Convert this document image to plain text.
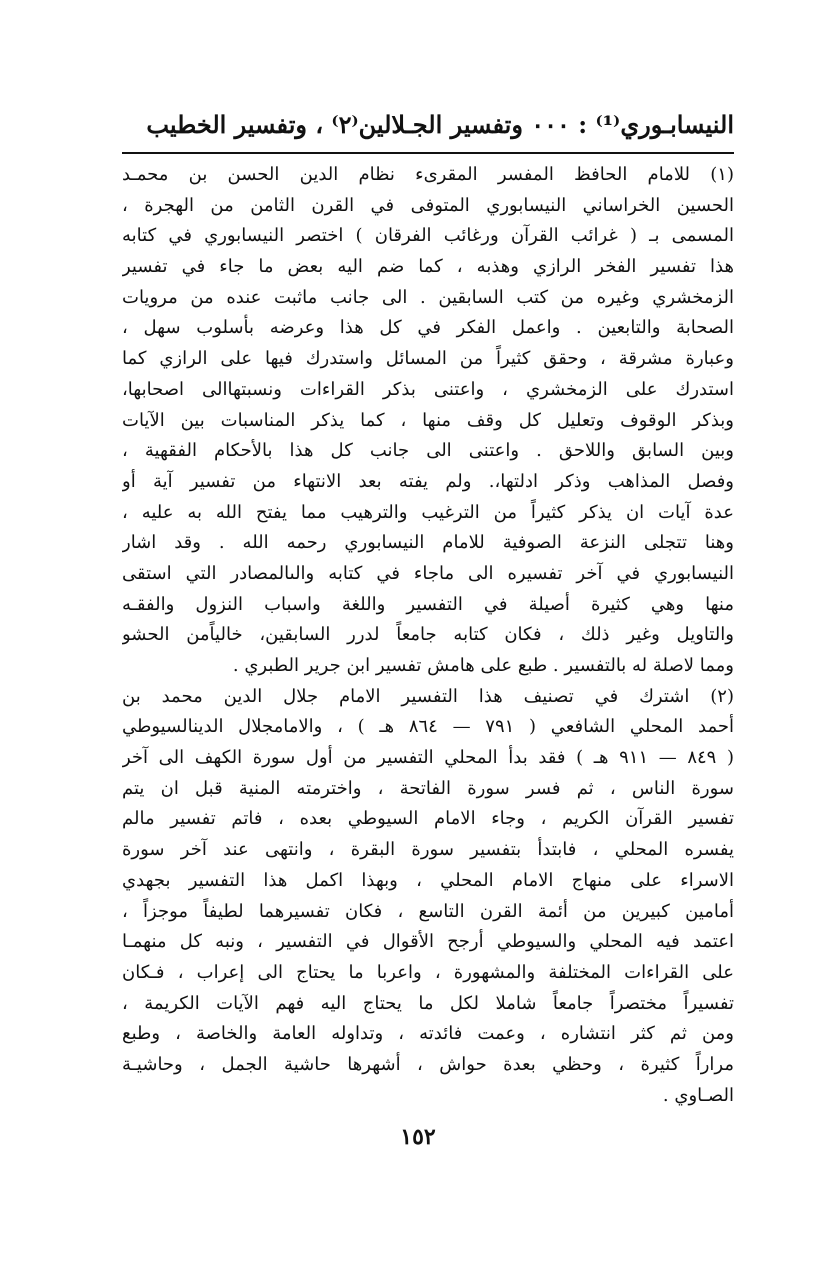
النيسابـوري⁽¹⁾ : ٠٠٠ وتفسير الجـلالين⁽٢⁾ ، وتفسير الخطيب
(١) للامام الحافظ المفسر المقرىء نظام الدين الحسن بن محمـد
الحسين الخراساني النيسابوري المتوفى في القرن الثامن من الهجرة ،
المسمى بـ ( غرائب القرآن ورغائب الفرقان ) اختصر النيسابوري في كتابه
هذا تفسير الفخر الرازي وهذبه ، كما ضم اليه بعض ما جاء في تفسير
الزمخشري وغيره من كتب السابقين . الى جانب ماثبت عنده من مرويات
الصحابة والتابعين . واعمل الفكر في كل هذا وعرضه بأسلوب سهل ،
وعبارة مشرقة ، وحقق كثيراً من المسائل واستدرك فيها على الرازي كما
استدرك على الزمخشري ، واعتنى بذكر القراءات ونسبتهاالى اصحابها،
وبذكر الوقوف وتعليل كل وقف منها ، كما يذكر المناسبات بين الآيات
وبين السابق واللاحق . واعتنى الى جانب كل هذا بالأحكام الفقهية ،
وفصل المذاهب وذكر ادلتها،. ولم يفته بعد الانتهاء من تفسير آية أو
عدة آيات ان يذكر كثيراً من الترغيب والترهيب مما يفتح الله به عليه ،
وهنا تتجلى النزعة الصوفية للامام النيسابوري رحمه الله . وقد اشار
النيسابوري في آخر تفسيره الى ماجاء في كتابه والىالمصادر التي استقى
منها وهي كثيرة أصيلة في التفسير واللغة واسباب النزول والفقـه
والتاويل وغير ذلك ، فكان كتابه جامعاً لدرر السابقين، خالياًمن الحشو
ومما لاصلة له بالتفسير . طبع على هامش تفسير ابن جرير الطبري .
(٢) اشترك في تصنيف هذا التفسير الامام جلال الدين محمد بن
أحمد المحلي الشافعي ( ٧٩١ — ٨٦٤ هـ ) ، والامامجلال الدينالسيوطي
( ٨٤٩ — ٩١١ هـ ) فقد بدأ المحلي التفسير من أول سورة الكهف الى آخر
سورة الناس ، ثم فسر سورة الفاتحة ، واخترمته المنية قبل ان يتم
تفسير القرآن الكريم ، وجاء الامام السيوطي بعده ، فاتم تفسير مالم
يفسره المحلي ، فابتدأ بتفسير سورة البقرة ، وانتهى عند آخر سورة
الاسراء على منهاج الامام المحلي ، وبهذا اكمل هذا التفسير بجهدي
أمامين كبيرين من أئمة القرن التاسع ، فكان تفسيرهما لطيفاً موجزاً ،
اعتمد فيه المحلي والسيوطي أرجح الأقوال في التفسير ، ونبه كل منهمـا
على القراءات المختلفة والمشهورة ، واعربا ما يحتاج الى إعراب ، فـكان
تفسيراً مختصراً جامعاً شاملا لكل ما يحتاج اليه فهم الآيات الكريمة ،
ومن ثم كثر انتشاره ، وعمت فائدته ، وتداوله العامة والخاصة ، وطبع
مراراً كثيرة ، وحظي بعدة حواش ، أشهرها حاشية الجمل ، وحاشيـة
الصـاوي .
١٥٢
